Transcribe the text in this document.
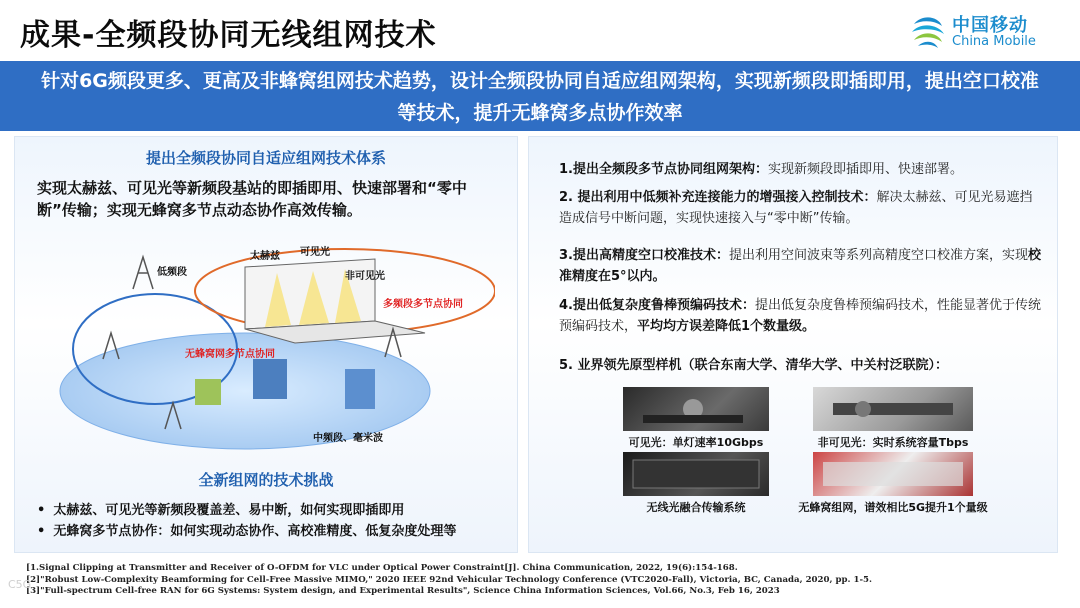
成果-全频段协同无线组网技术	中国移动
China Mobile

针对6G频段更多、更高及非蜂窝组网技术趋势，设计全频段协同自适应组网架构，实现新频段即插即用，提出空口校准

等技术，提升无蜂窝多点协作效率

提出全频段协同自适应组网技术体系
实现太赫兹、可见光等新频段基站的即插即用、快速部署和“零中
断”传输；实现无蜂窝多节点动态协作高效传输。
太赫兹 可见光
非可见光
低频段
多频段多节点协同
无蜂窝网多节点协同
中频段、毫米波
全新组网的技术挑战
• 太赫兹、可见光等新频段覆盖差、易中断，如何实现即插即用
• 无蜂窝多节点协作：如何实现动态协作、高校准精度、低复杂度处理等
1.提出全频段多节点协同组网架构：实现新频段即插即用、快速部署。
2. 提出利用中低频补充连接能力的增强接入控制技术：解决太赫兹、可见光易遮挡造成信号中断问题，实现快速接入与“零中断”传输。
3.提出高精度空口校准技术：提出利用空间波束等系列高精度空口校准方案，实现校准精度在5°以内。
4.提出低复杂度鲁棒预编码技术：提出低复杂度鲁棒预编码技术，性能显著优于传统预编码技术，平均均方误差降低1个数量级。
5. 业界领先原型样机（联合东南大学、清华大学、中关村泛联院）：
可见光：单灯速率10Gbps	非可见光：实时系统容量Tbps
无线光融合传输系统	无蜂窝组网，谱效相比5G提升1个量级
[1.Signal Clipping at Transmitter and Receiver of O-OFDM for VLC under Optical Power Constraint[J]. China Communication, 2022, 19(6):154-168.
[2]"Robust Low-Complexity Beamforming for Cell-Free Massive MIMO," 2020 IEEE 92nd Vehicular Technology Conference (VTC2020-Fall), Victoria, BC, Canada, 2020, pp. 1-5.
[3]"Full-spectrum Cell-free RAN for 6G Systems: System design, and Experimental Results", Science China Information Sciences, Vol.66, No.3, Feb 16, 2023
C5G
